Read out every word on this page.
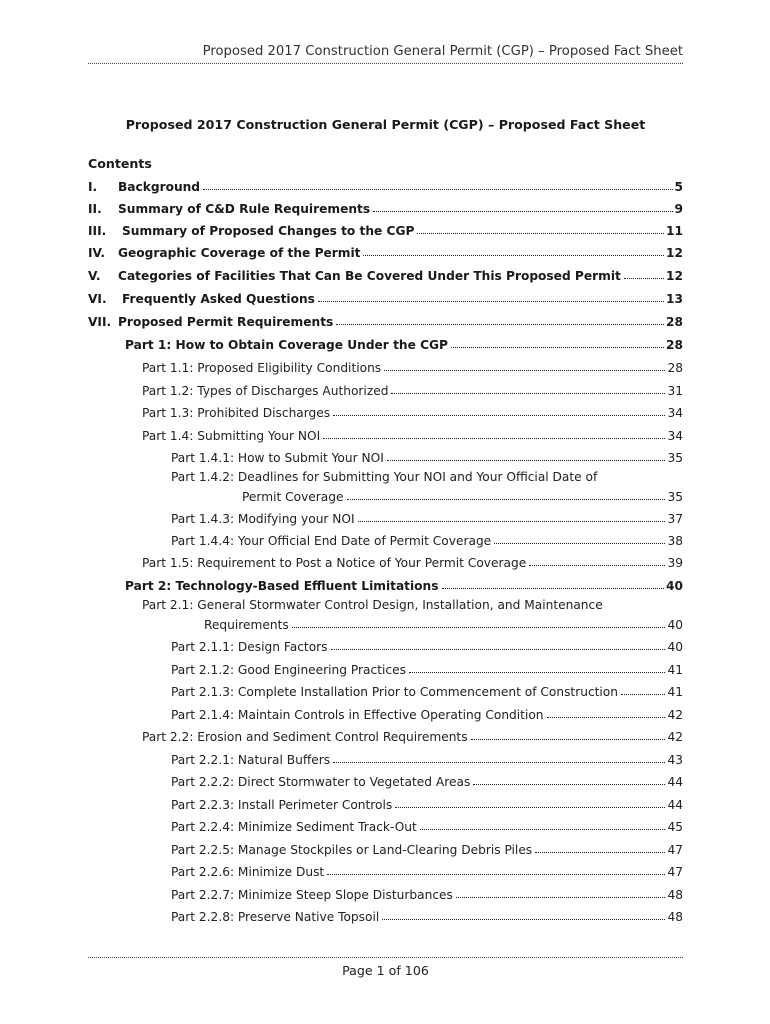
Proposed 2017 Construction General Permit (CGP) – Proposed Fact Sheet
Proposed 2017 Construction General Permit (CGP) – Proposed Fact Sheet
Contents
I. Background	5
II. Summary of C&D Rule Requirements	9
III. Summary of Proposed Changes to the CGP	11
IV. Geographic Coverage of the Permit	12
V. Categories of Facilities That Can Be Covered Under This Proposed Permit	12
VI. Frequently Asked Questions	13
VII. Proposed Permit Requirements	28
Part 1: How to Obtain Coverage Under the CGP	28
Part 1.1: Proposed Eligibility Conditions	28
Part 1.2: Types of Discharges Authorized	31
Part 1.3: Prohibited Discharges	34
Part 1.4: Submitting Your NOI	34
Part 1.4.1: How to Submit Your NOI	35
Part 1.4.2: Deadlines for Submitting Your NOI and Your Official Date of
Permit Coverage	35
Part 1.4.3: Modifying your NOI	37
Part 1.4.4: Your Official End Date of Permit Coverage	38
Part 1.5: Requirement to Post a Notice of Your Permit Coverage	39
Part 2: Technology-Based Effluent Limitations	40
Part 2.1: General Stormwater Control Design, Installation, and Maintenance
Requirements	40
Part 2.1.1: Design Factors	40
Part 2.1.2: Good Engineering Practices	41
Part 2.1.3: Complete Installation Prior to Commencement of Construction	41
Part 2.1.4: Maintain Controls in Effective Operating Condition	42
Part 2.2: Erosion and Sediment Control Requirements	42
Part 2.2.1: Natural Buffers	43
Part 2.2.2: Direct Stormwater to Vegetated Areas	44
Part 2.2.3: Install Perimeter Controls	44
Part 2.2.4: Minimize Sediment Track-Out	45
Part 2.2.5: Manage Stockpiles or Land-Clearing Debris Piles	47
Part 2.2.6: Minimize Dust	47
Part 2.2.7: Minimize Steep Slope Disturbances	48
Part 2.2.8: Preserve Native Topsoil	48
Page 1 of 106
